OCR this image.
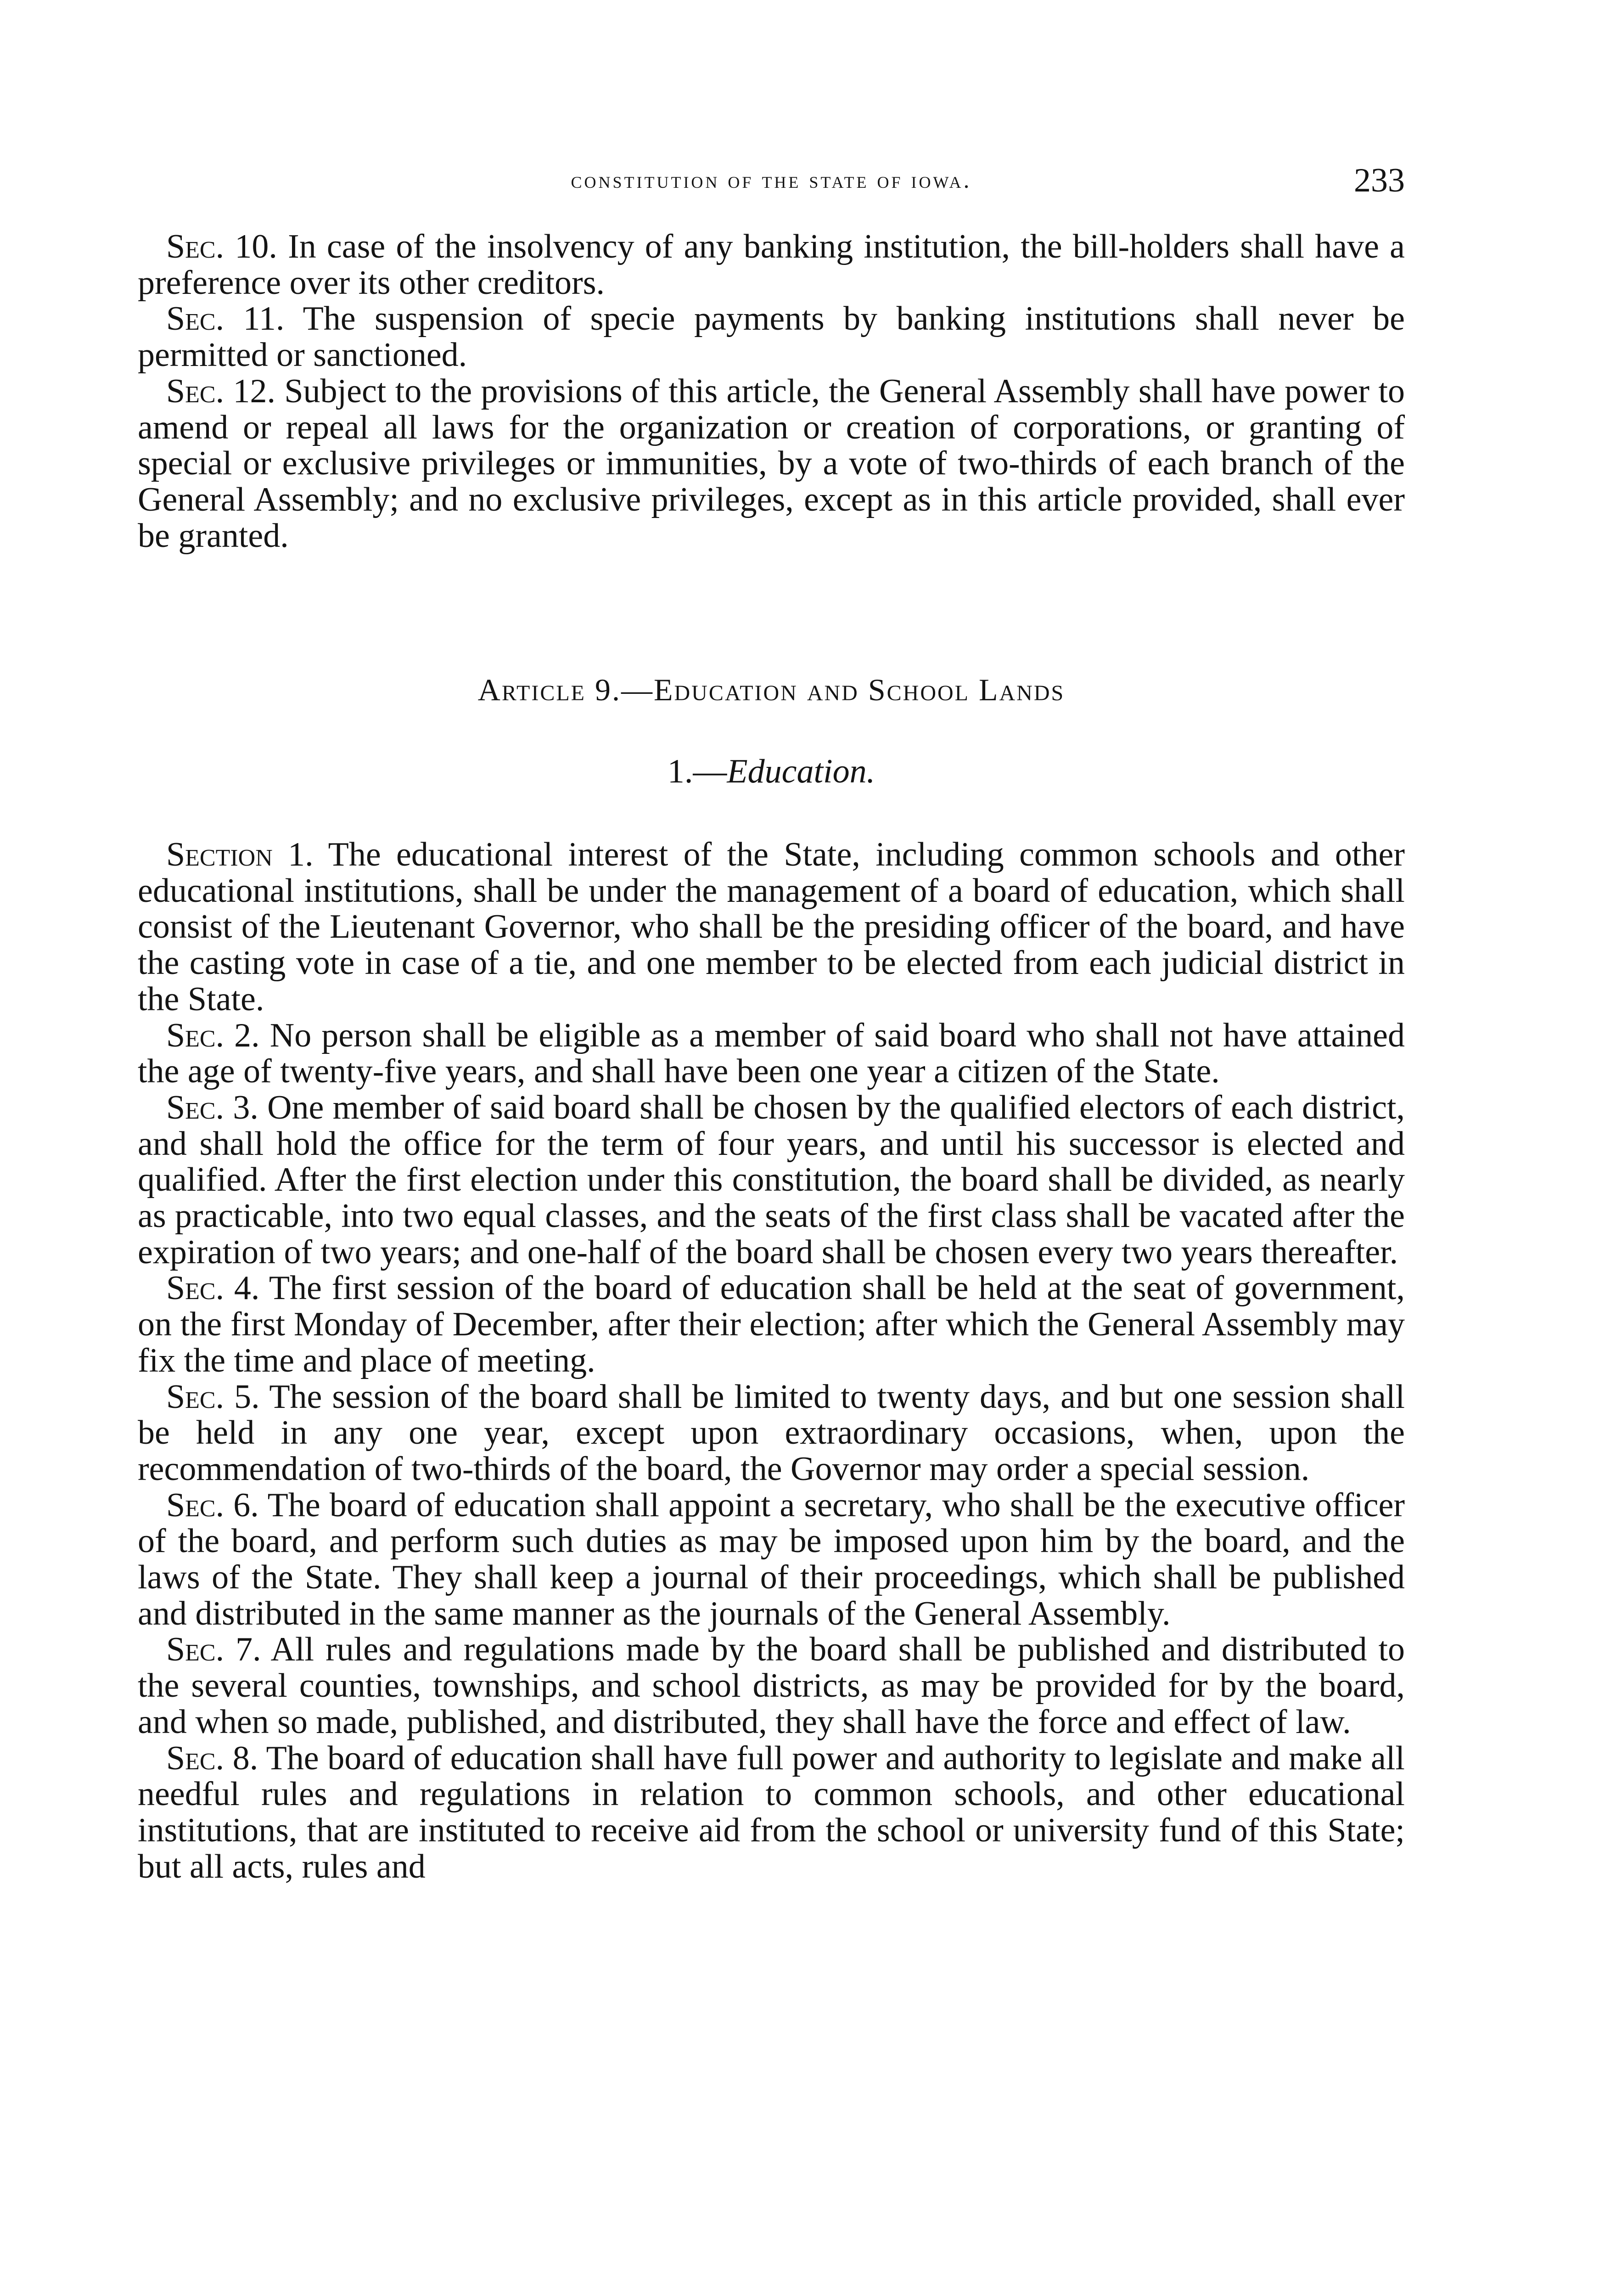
constitution of the state of iowa.	233

Sec. 10. In case of the insolvency of any banking institution, the bill-holders shall have a preference over its other creditors.

Sec. 11. The suspension of specie payments by banking institutions shall never be permitted or sanctioned.

Sec. 12. Subject to the provisions of this article, the General Assembly shall have power to amend or repeal all laws for the organization or creation of corporations, or granting of special or exclusive privileges or immunities, by a vote of two-thirds of each branch of the General Assembly; and no exclusive privileges, except as in this article provided, shall ever be granted.

Article 9.—Education and School Lands
1.—Education.

Section 1. The educational interest of the State, including common schools and other educational institutions, shall be under the management of a board of education, which shall consist of the Lieutenant Governor, who shall be the presiding officer of the board, and have the casting vote in case of a tie, and one member to be elected from each judicial district in the State.

Sec. 2. No person shall be eligible as a member of said board who shall not have attained the age of twenty-five years, and shall have been one year a citizen of the State.

Sec. 3. One member of said board shall be chosen by the qualified electors of each district, and shall hold the office for the term of four years, and until his successor is elected and qualified. After the first election under this constitution, the board shall be divided, as nearly as practicable, into two equal classes, and the seats of the first class shall be vacated after the expiration of two years; and one-half of the board shall be chosen every two years thereafter.

Sec. 4. The first session of the board of education shall be held at the seat of government, on the first Monday of December, after their election; after which the General Assembly may fix the time and place of meeting.

Sec. 5. The session of the board shall be limited to twenty days, and but one session shall be held in any one year, except upon extraordinary occasions, when, upon the recommendation of two-thirds of the board, the Governor may order a special session.

Sec. 6. The board of education shall appoint a secretary, who shall be the executive officer of the board, and perform such duties as may be imposed upon him by the board, and the laws of the State. They shall keep a journal of their proceedings, which shall be published and distributed in the same manner as the journals of the General Assembly.

Sec. 7. All rules and regulations made by the board shall be published and distributed to the several counties, townships, and school districts, as may be provided for by the board, and when so made, published, and distributed, they shall have the force and effect of law.

Sec. 8. The board of education shall have full power and authority to legislate and make all needful rules and regulations in relation to common schools, and other educational institutions, that are instituted to receive aid from the school or university fund of this State; but all acts, rules and
